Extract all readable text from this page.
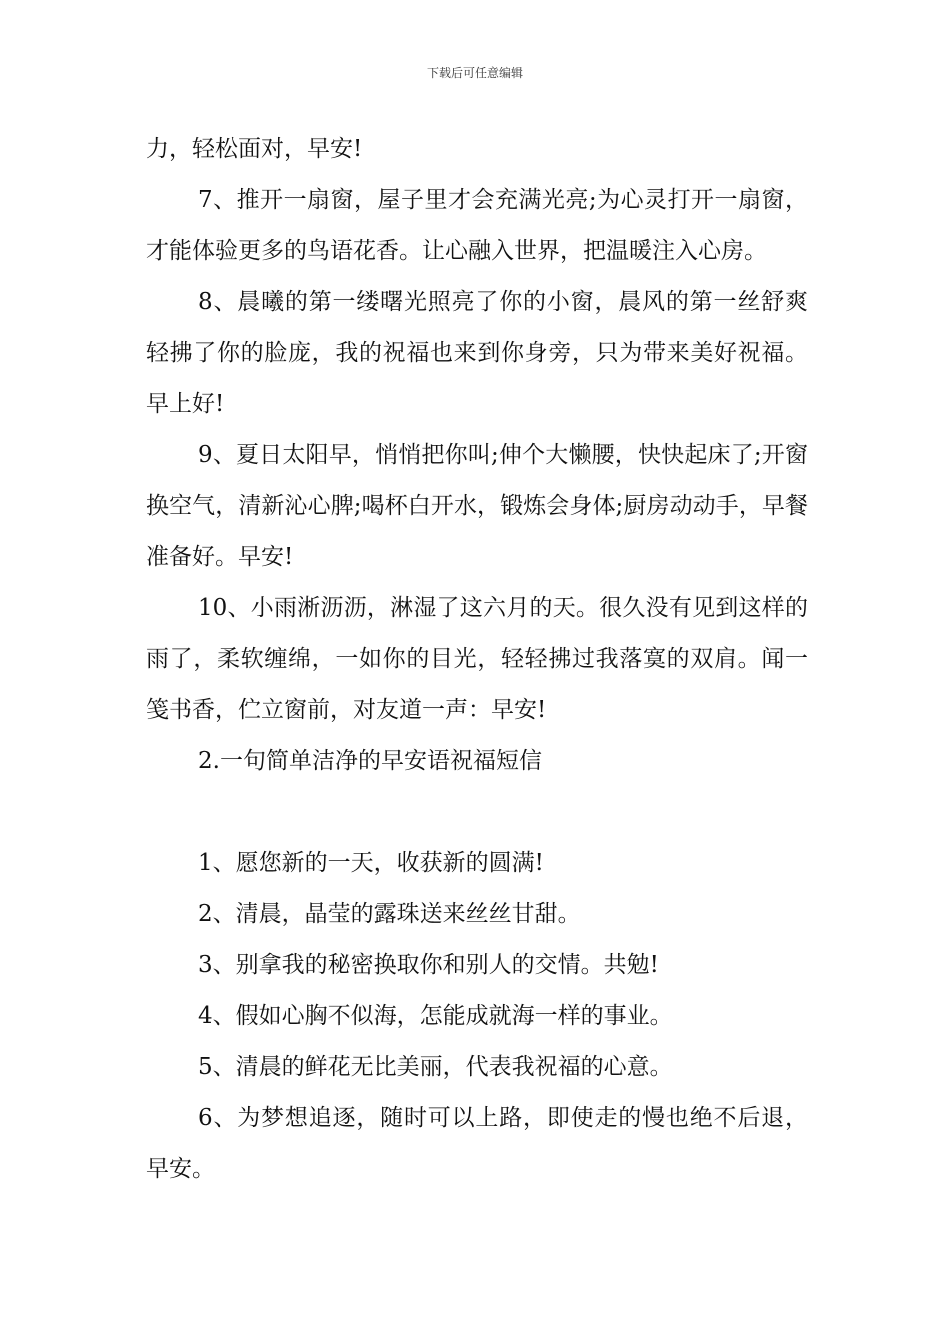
下载后可任意编辑

力，轻松面对，早安!

7、推开一扇窗，屋子里才会充满光亮;为心灵打开一扇窗，才能体验更多的鸟语花香。让心融入世界，把温暖注入心房。

8、晨曦的第一缕曙光照亮了你的小窗，晨风的第一丝舒爽轻拂了你的脸庞，我的祝福也来到你身旁，只为带来美好祝福。早上好!

9、夏日太阳早，悄悄把你叫;伸个大懒腰，快快起床了;开窗换空气，清新沁心脾;喝杯白开水，锻炼会身体;厨房动动手，早餐准备好。早安!

10、小雨淅沥沥，淋湿了这六月的天。很久没有见到这样的雨了，柔软缠绵，一如你的目光，轻轻拂过我落寞的双肩。闻一笺书香，伫立窗前，对友道一声：早安!

2.一句简单洁净的早安语祝福短信

1、愿您新的一天，收获新的圆满!

2、清晨，晶莹的露珠送来丝丝甘甜。

3、别拿我的秘密换取你和别人的交情。共勉!

4、假如心胸不似海，怎能成就海一样的事业。

5、清晨的鲜花无比美丽，代表我祝福的心意。

6、为梦想追逐，随时可以上路，即使走的慢也绝不后退，早安。
